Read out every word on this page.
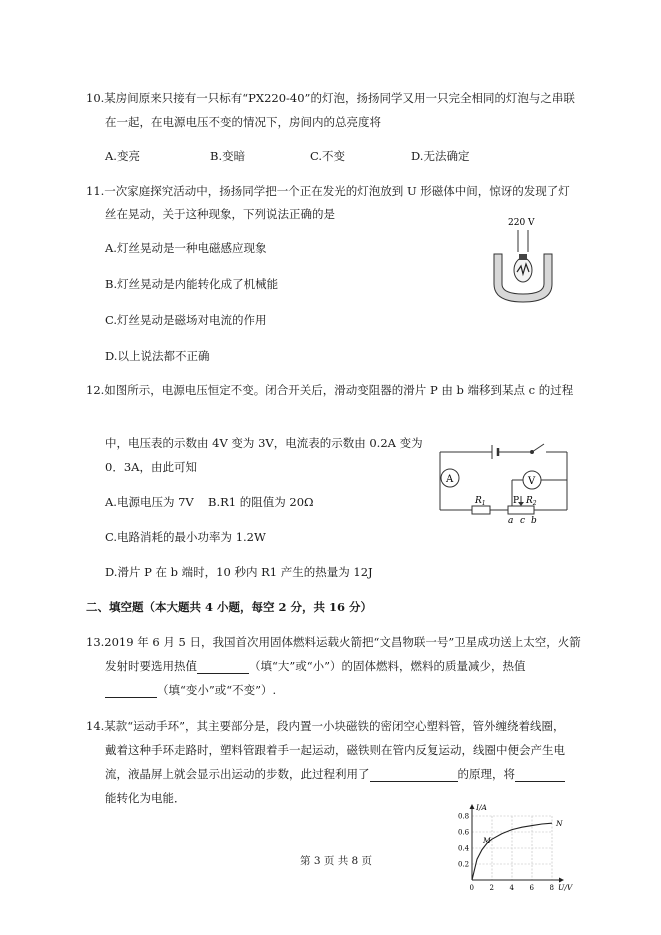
10.某房间原来只接有一只标有“PX220-40”的灯泡，扬扬同学又用一只完全相同的灯泡与之串联
在一起，在电源电压不变的情况下，房间内的总亮度将
A.变亮	B.变暗	C.不变	D.无法确定
11.一次家庭探究活动中，扬扬同学把一个正在发光的灯泡放到 U 形磁体中间，惊讶的发现了灯
丝在晃动，关于这种现象，下列说法正确的是
A.灯丝晃动是一种电磁感应现象
B.灯丝晃动是内能转化成了机械能
C.灯丝晃动是磁场对电流的作用
D.以上说法都不正确
220 V
12.如图所示，电源电压恒定不变。闭合开关后，滑动变阻器的滑片 P 由 b 端移到某点 c 的过程
中，电压表的示数由 4V 变为 3V，电流表的示数由 0.2A 变为
0．3A，由此可知
A.电源电压为 7V B.R1 的阻值为 20Ω
C.电路消耗的最小功率为 1.2W
D.滑片 P 在 b 端时，10 秒内 R1 产生的热量为 12J
A	V
$R_1$	$R_2$
P
a c b
二、填空题（本大题共 4 小题，每空 2 分，共 16 分）
13.2019 年 6 月 5 日，我国首次用固体燃料运载火箭把“文昌物联一号”卫星成功送上太空，火箭
发射时要选用热值	（填“大”或“小”）的固体燃料，燃料的质量减少，热值
（填“变小”或“不变”）.
14.某款“运动手环”，其主要部分是，段内置一小块磁铁的密闭空心塑料管，管外缠绕着线圈，
戴着这种手环走路时，塑料管跟着手一起运动，磁铁则在管内反复运动，线圈中便会产生电
流，液晶屏上就会显示出运动的步数，此过程利用了	的原理，将
能转化为电能．
0 2 4 6 8
0.2
0.4
0.6
0.8
I/A
U/V
M
N
第 3 页 共 8 页
